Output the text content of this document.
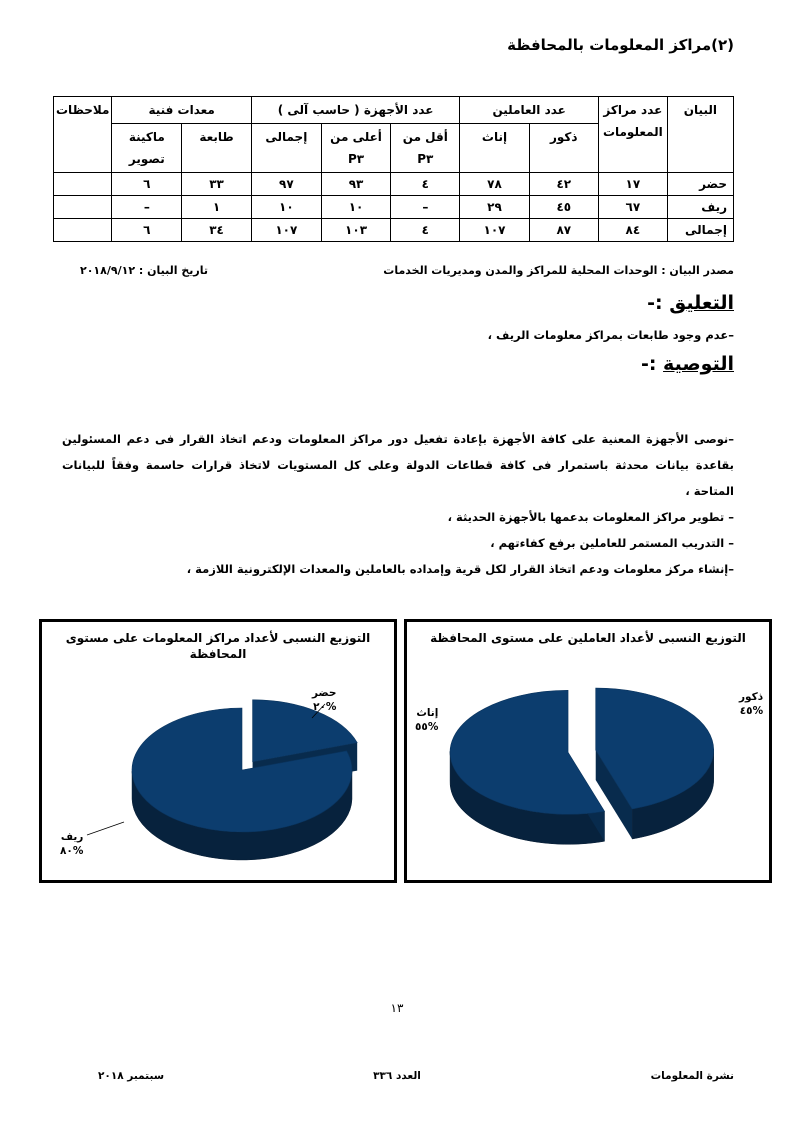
(٢)مراكز المعلومات بالمحافظة
البيان	عدد مراكز المعلومات	عدد العاملين		عدد الأجهزة ( حاسب آلى )			معدات فنية		ملاحظات
		ذكور	إناث	أقل من P٣	أعلى من P٣	إجمالى	طابعة	ماكينة تصوير	
حضر	١٧	٤٢	٧٨	٤	٩٣	٩٧	٣٣	٦	
ريف	٦٧	٤٥	٢٩	–	١٠	١٠	١	–	
إجمالى	٨٤	٨٧	١٠٧	٤	١٠٣	١٠٧	٣٤	٦	
مصدر البيان : الوحدات المحلية للمراكز والمدن ومديريات الخدمات
تاريخ البيان : ٢٠١٨/٩/١٢
التعليق :-
–عدم وجود طابعات بمراكز معلومات الريف ،
التوصية :-
–نوصى الأجهزة المعنية على كافة الأجهزة بإعادة تفعيل دور مراكز المعلومات ودعم اتخاذ القرار فى دعم المسئولين بقاعدة بيانات محدثة باستمرار فى كافة قطاعات الدولة وعلى كل المستويات لاتخاذ قرارات حاسمة وفقاً للبيانات المتاحة ،
– تطوير مراكز المعلومات بدعمها بالأجهزة الحديثة ،
– التدريب المستمر للعاملين برفع كفاءتهم ،
–إنشاء مركز معلومات ودعم اتخاذ القرار لكل قرية وإمداده بالعاملين والمعدات الإلكترونية اللازمة ،
التوزيع النسبى لأعداد مراكز المعلومات على مستوى المحافظة
حضر
%٢٠
ريف
%٨٠
التوزيع النسبى لأعداد العاملين على مستوى المحافظة
ذكور
%٤٥
إناث
%٥٥
١٣
سبتمبر ٢٠١٨	العدد ٣٣٦	نشرة المعلومات
